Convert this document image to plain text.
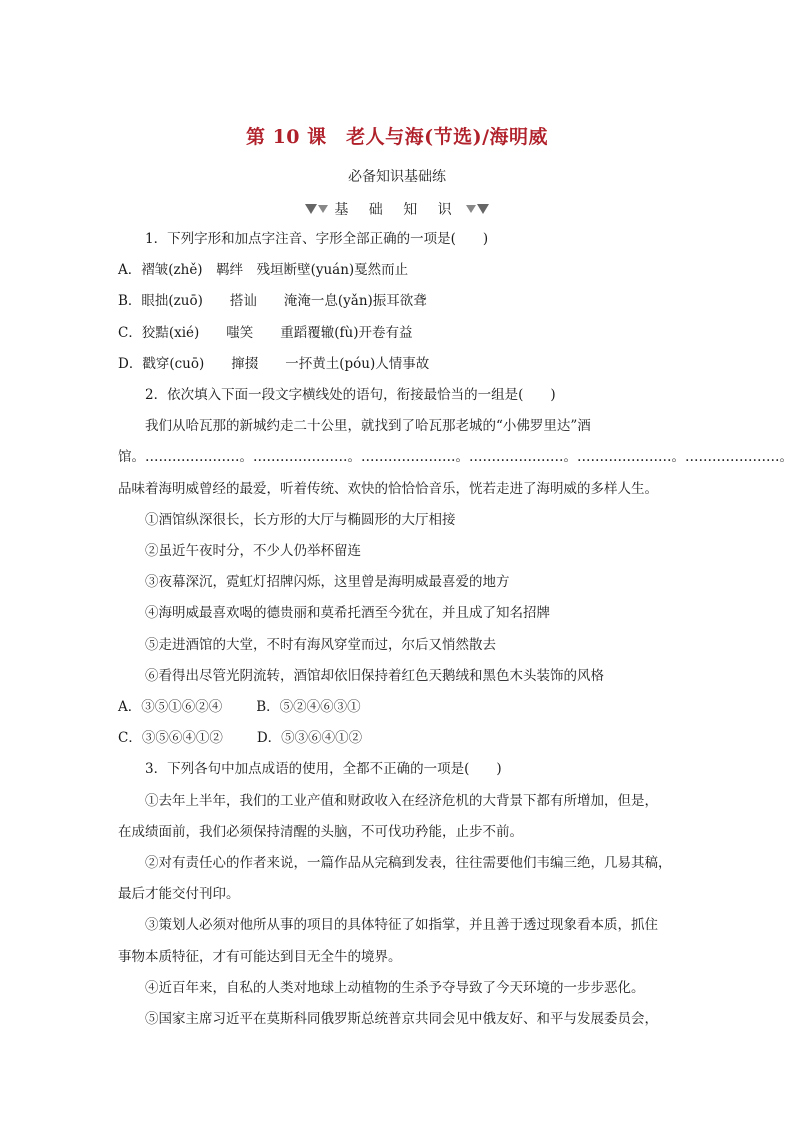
第 10 课　老人与海(节选)/海明威
必备知识基础练
基 础 知 识
1．下列字形和加点字注音、字形全部正确的一项是(　　)
A．褶皱(zhě)　羁绊　残垣断壁(yuán)戛然而止
B．眼拙(zuō)　　搭讪　　淹淹一息(yǎn)振耳欲聋
C．狡黠(xié)　　嗤笑　　重蹈覆辙(fù)开卷有益
D．戳穿(cuō)　　撺掇　　一抔黄土(póu)人情事故
2．依次填入下面一段文字横线处的语句，衔接最恰当的一组是(　　)
我们从哈瓦那的新城约走二十公里，就找到了哈瓦那老城的“小佛罗里达”酒
馆。…………………。…………………。…………………。…………………。…………………。…………………。
品味着海明威曾经的最爱，听着传统、欢快的恰恰恰音乐，恍若走进了海明威的多样人生。
①酒馆纵深很长，长方形的大厅与椭圆形的大厅相接
②虽近午夜时分，不少人仍举杯留连
③夜幕深沉，霓虹灯招牌闪烁，这里曾是海明威最喜爱的地方
④海明威最喜欢喝的德贵丽和莫希托酒至今犹在，并且成了知名招牌
⑤走进酒馆的大堂，不时有海风穿堂而过，尔后又悄然散去
⑥看得出尽管光阴流转，酒馆却依旧保持着红色天鹅绒和黑色木头装饰的风格
A．③⑤①⑥②④	B．⑤②④⑥③①
C．③⑤⑥④①②	D．⑤③⑥④①②
3．下列各句中加点成语的使用，全都不正确的一项是(　　)
①去年上半年，我们的工业产值和财政收入在经济危机的大背景下都有所增加，但是，
在成绩面前，我们必须保持清醒的头脑，不可伐功矜能，止步不前。
②对有责任心的作者来说，一篇作品从完稿到发表，往往需要他们韦编三绝，几易其稿，
最后才能交付刊印。
③策划人必须对他所从事的项目的具体特征了如指掌，并且善于透过现象看本质，抓住
事物本质特征，才有可能达到目无全牛的境界。
④近百年来，自私的人类对地球上动植物的生杀予夺导致了今天环境的一步步恶化。
⑤国家主席习近平在莫斯科同俄罗斯总统普京共同会见中俄友好、和平与发展委员会，
